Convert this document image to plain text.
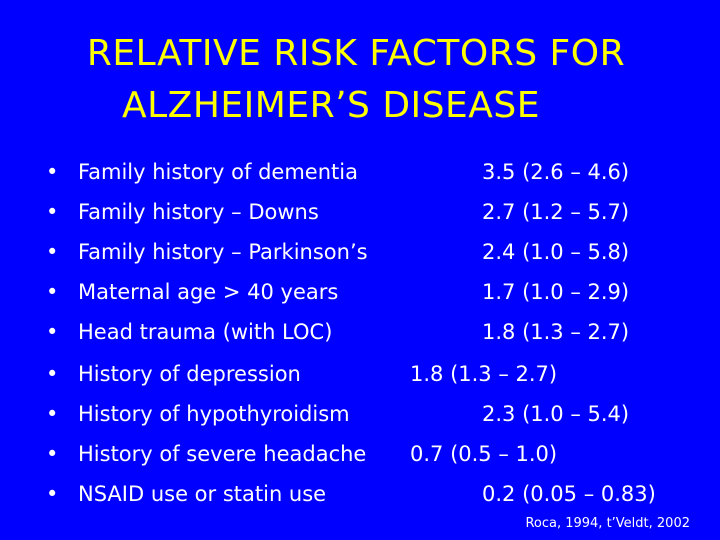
RELATIVE RISK FACTORS FOR
ALZHEIMER’S DISEASE
• Family history of dementia	3.5 (2.6 – 4.6)
• Family history – Downs	2.7 (1.2 – 5.7)
• Family history – Parkinson’s	2.4 (1.0 – 5.8)
• Maternal age > 40 years	1.7 (1.0 – 2.9)
• Head trauma (with LOC)	1.8 (1.3 – 2.7)
• History of depression	1.8 (1.3 – 2.7)
• History of hypothyroidism	2.3 (1.0 – 5.4)
• History of severe headache 0.7 (0.5 – 1.0)
• NSAID use or statin use	0.2 (0.05 – 0.83)
Roca, 1994, t’Veldt, 2002
